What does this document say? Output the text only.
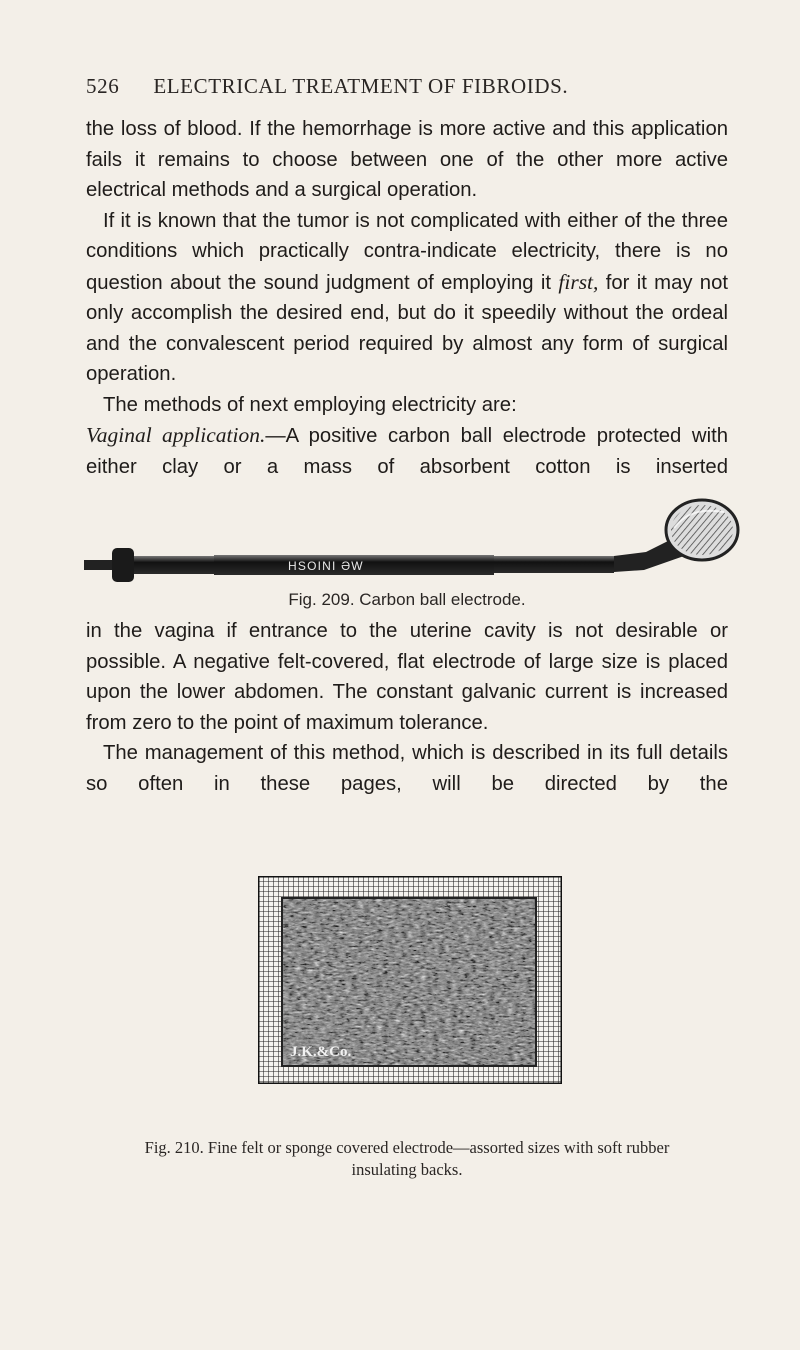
526 ELECTRICAL TREATMENT OF FIBROIDS.

the loss of blood. If the hemorrhage is more active and this application fails it remains to choose between one of the other more active electrical methods and a surgical operation.

If it is known that the tumor is not complicated with either of the three conditions which practically contra-indicate electricity, there is no question about the sound judgment of employing it first, for it may not only accomplish the desired end, but do it speedily without the ordeal and the convalescent period required by almost any form of surgical operation.

The methods of next employing electricity are:

Vaginal application.—A positive carbon ball electrode protected with either clay or a mass of absorbent cotton is inserted

HSOINI ƏW
Fig. 209. Carbon ball electrode.

in the vagina if entrance to the uterine cavity is not desirable or possible. A negative felt-covered, flat electrode of large size is placed upon the lower abdomen. The constant galvanic current is increased from zero to the point of maximum tolerance.

The management of this method, which is described in its full details so often in these pages, will be directed by the

J.K.&Co.
Fig. 210. Fine felt or sponge covered electrode—assorted sizes with soft rubber
insulating backs.
